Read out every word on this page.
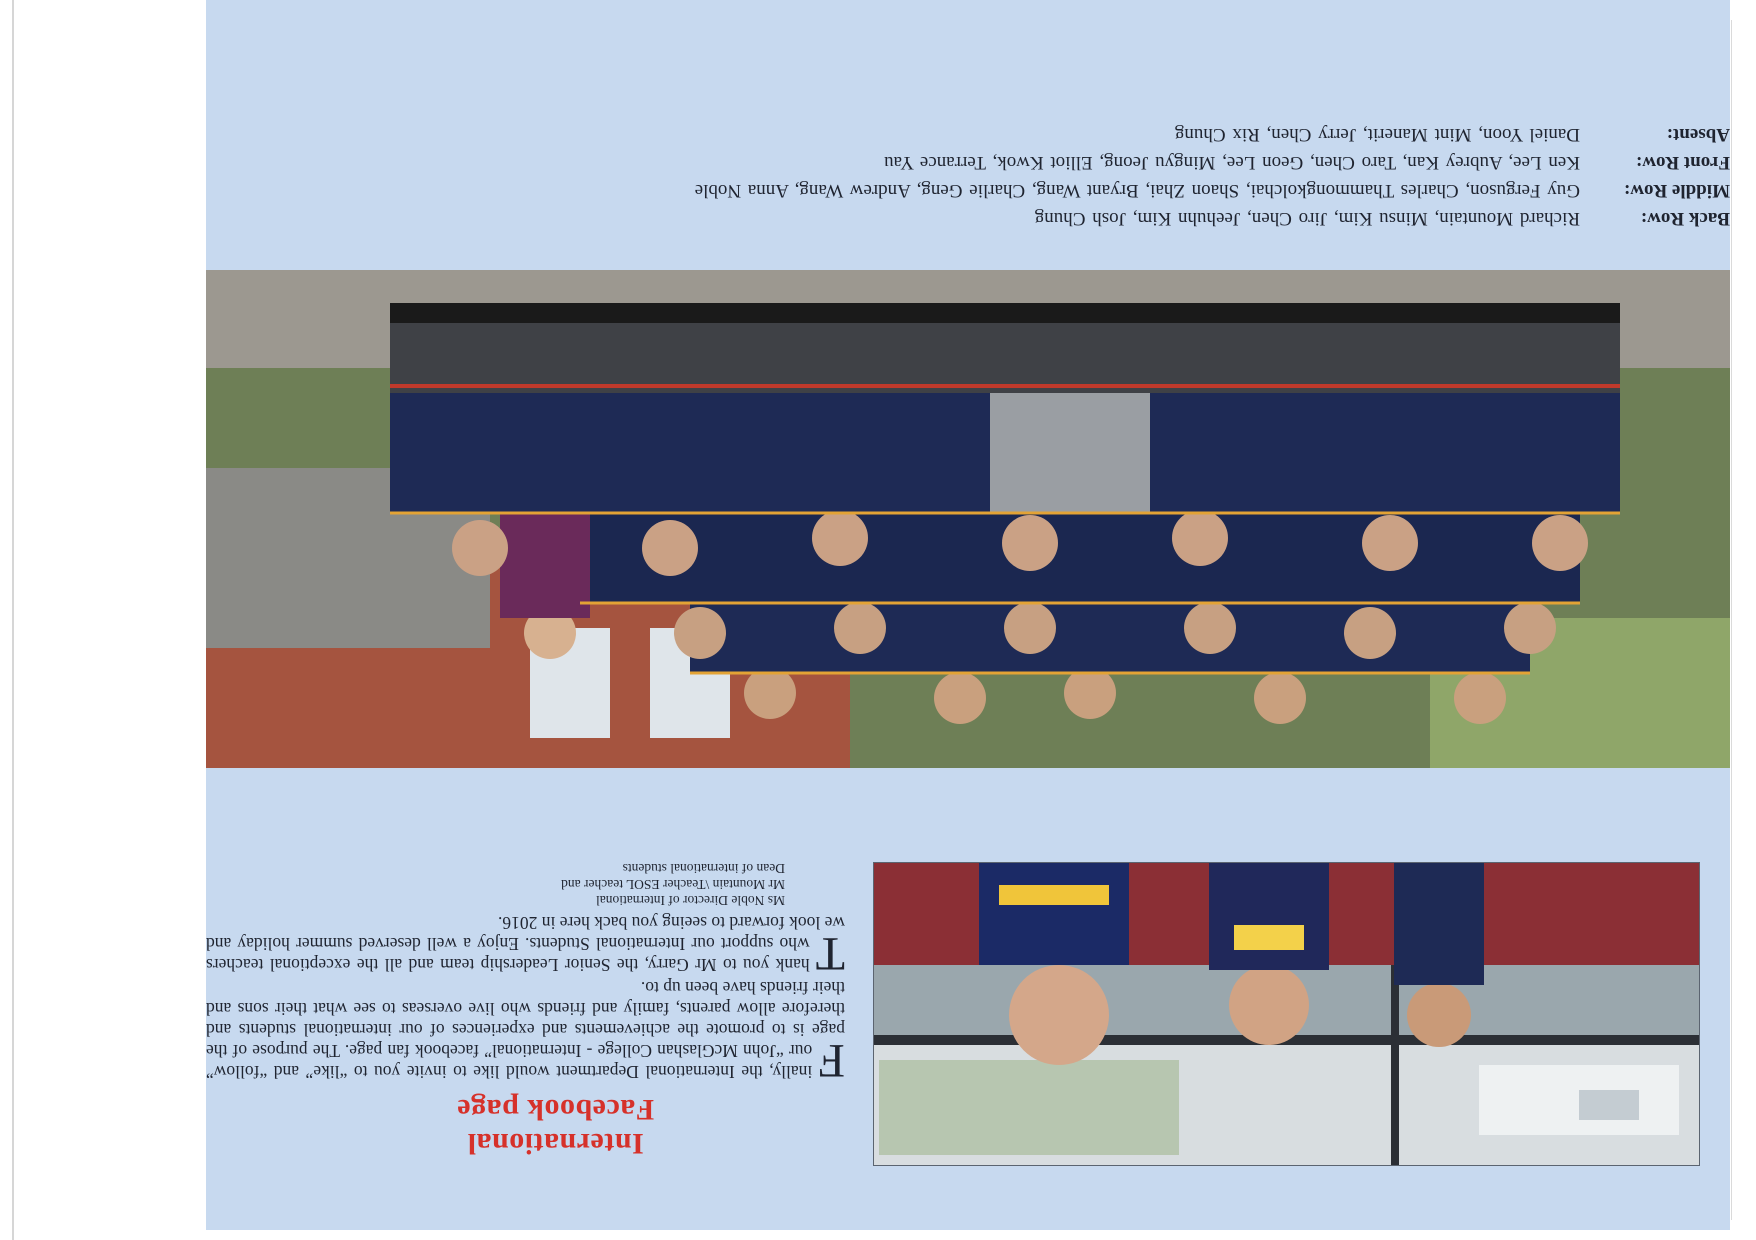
International
Facebook page

F
inally, the International Department would like to invite you to “like” and “follow” our “John McGlashan College - International” facebook fan page. The purpose of the page is to promote the achievements and experiences of our international students and therefore allow parents, family and friends who live overseas to see what their sons and their friends have been up to.

T
hank you to Mr Garry, the Senior Leadership team and all the exceptional teachers who support our International Students. Enjoy a well deserved summer holiday and we look forward to seeing you back here in 2016.

Ms Noble Director of International
Mr Mountain \Teacher ESOL teacher and
Dean of international students
Back Row:
Richard Mountain, Minsu Kim, Jiro Chen, Jeehuhn Kim, Josh Chung
Middle Row:
Guy Ferguson, Charles Thammongkolchai, Shaon Zhai, Bryant Wang, Charlie Geng, Andrew Wang, Anna Noble
Front Row:
Ken Lee, Aubrey Kan, Taro Chen, Geon Lee, Mingyu Jeong, Elliot Kwok, Terrance Yau
Absent:
Daniel Yoon, Mint Manerit, Jerry Chen, Rix Chung
